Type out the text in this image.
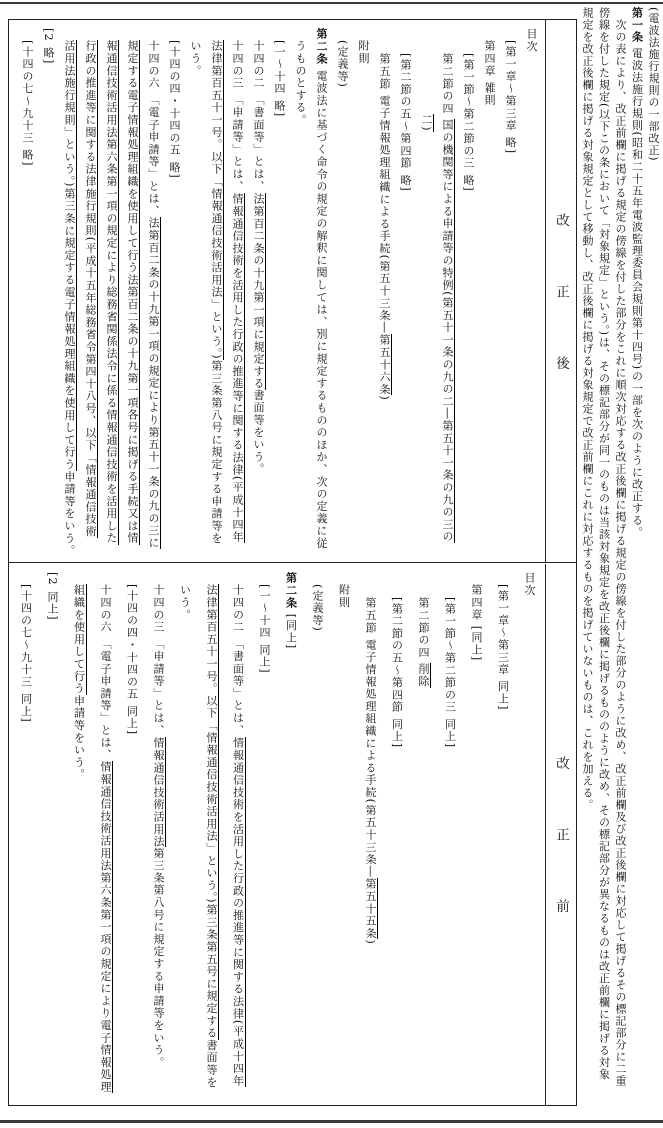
(電波法施行規則の一部改正)
第一条 電波法施行規則(昭和二十五年電波監理委員会規則第十四号)の一部を次のように改正する。
次の表により、改正前欄に掲げる規定の傍線を付した部分をこれに順次対応する改正後欄に掲げる規定の傍線を付した部分のように改め、改正前欄及び改正後欄に対応して掲げるその標記部分に二重
傍線を付した規定(以下この条において「対象規定」という。)は、その標記部分が同一のものは当該対象規定を改正後欄に掲げるもののように改め、その標記部分が異なるものは改正前欄に掲げる対象
規定を改正後欄に掲げる対象規定として移動し、改正後欄に掲げる対象規定で改正前欄にこれに対応するものを掲げていないものは、これを加える。
目次
[第一章〜第三章 略]
第四章 雑則
[第一節〜第二節の三 略]
第二節の四 国の機関等による申請等の特例(第五十一条の九の二―第五十一条の九の三の
二)
[第二節の五〜第四節 略]
第五節 電子情報処理組織による手続(第五十三条―第五十六条)
附則
(定義等)
第二条 電波法に基づく命令の規定の解釈に関しては、別に規定するもののほか、次の定義に従
うものとする。
[一〜十四 略]
十四の二 「書面等」とは、法第百二条の十九第一項に規定する書面等をいう。
十四の三 「申請等」とは、情報通信技術を活用した行政の推進等に関する法律(平成十四年
法律第百五十一号。以下「情報通信技術活用法」という。)第三条第八号に規定する申請等を
いう。
[十四の四・十四の五 略]
十四の六 「電子申請等」とは、法第百二条の十九第一項の規定により第五十一条の九の三に
規定する電子情報処理組織を使用して行う法第百二条の十九第一項各号に掲げる手続又は情
報通信技術活用法第六条第一項の規定により総務省関係法令に係る情報通信技術を活用した
行政の推進等に関する法律施行規則(平成十五年総務省令第四十八号、以下「情報通信技術
活用法施行規則」という。)第三条に規定する電子情報処理組織を使用して行う申請等をいう。
[2 略]
[十四の七〜九十三 略]
改正後
目次
[第一章〜第三章 同上]
第四章 [同上]
[第一節〜第二節の三 同上]
第二節の四 削除
[第二節の五〜第四節 同上]
第五節 電子情報処理組織による手続(第五十三条―第五十五条)
附則
(定義等)
第二条 [同上]
[一〜十四 同上]
十四の二 「書面等」とは、情報通信技術を活用した行政の推進等に関する法律(平成十四年
法律第百五十一号。以下「情報通信技術活用法」という。)第三条第五号に規定する書面等を
いう。
十四の三 「申請等」とは、情報通信技術活用法第三条第八号に規定する申請等をいう。
[十四の四・十四の五 同上]
十四の六 「電子申請等」とは、情報通信技術活用法第六条第一項の規定により電子情報処理
組織を使用して行う申請等をいう。
[2 同上]
[十四の七〜九十三 同上]
改正前
